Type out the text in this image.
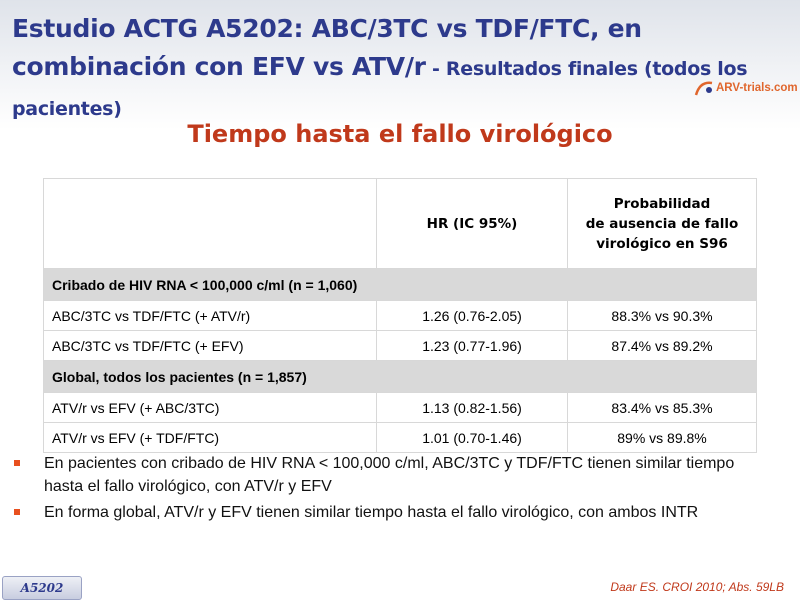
Estudio ACTG A5202: ABC/3TC vs TDF/FTC, en combinación con EFV vs ATV/r - Resultados finales (todos los pacientes)
ARV-trials.com
Tiempo hasta el fallo virológico
	HR (IC 95%)	Probabilidad
de ausencia de fallo
virológico en S96
Cribado de HIV RNA < 100,000 c/ml (n = 1,060)		
ABC/3TC vs TDF/FTC (+ ATV/r)	1.26 (0.76-2.05)	88.3% vs 90.3%
ABC/3TC vs TDF/FTC (+ EFV)	1.23 (0.77-1.96)	87.4% vs 89.2%
Global, todos los pacientes (n = 1,857)		
ATV/r vs EFV (+ ABC/3TC)	1.13 (0.82-1.56)	83.4% vs 85.3%
ATV/r vs EFV (+ TDF/FTC)	1.01 (0.70-1.46)	89% vs 89.8%
En pacientes con cribado de HIV RNA < 100,000 c/ml, ABC/3TC y TDF/FTC tienen similar tiempo hasta el fallo virológico, con ATV/r y EFV
En forma global, ATV/r y EFV tienen similar tiempo hasta el fallo virológico, con ambos INTR
A5202	Daar ES. CROI 2010; Abs. 59LB
